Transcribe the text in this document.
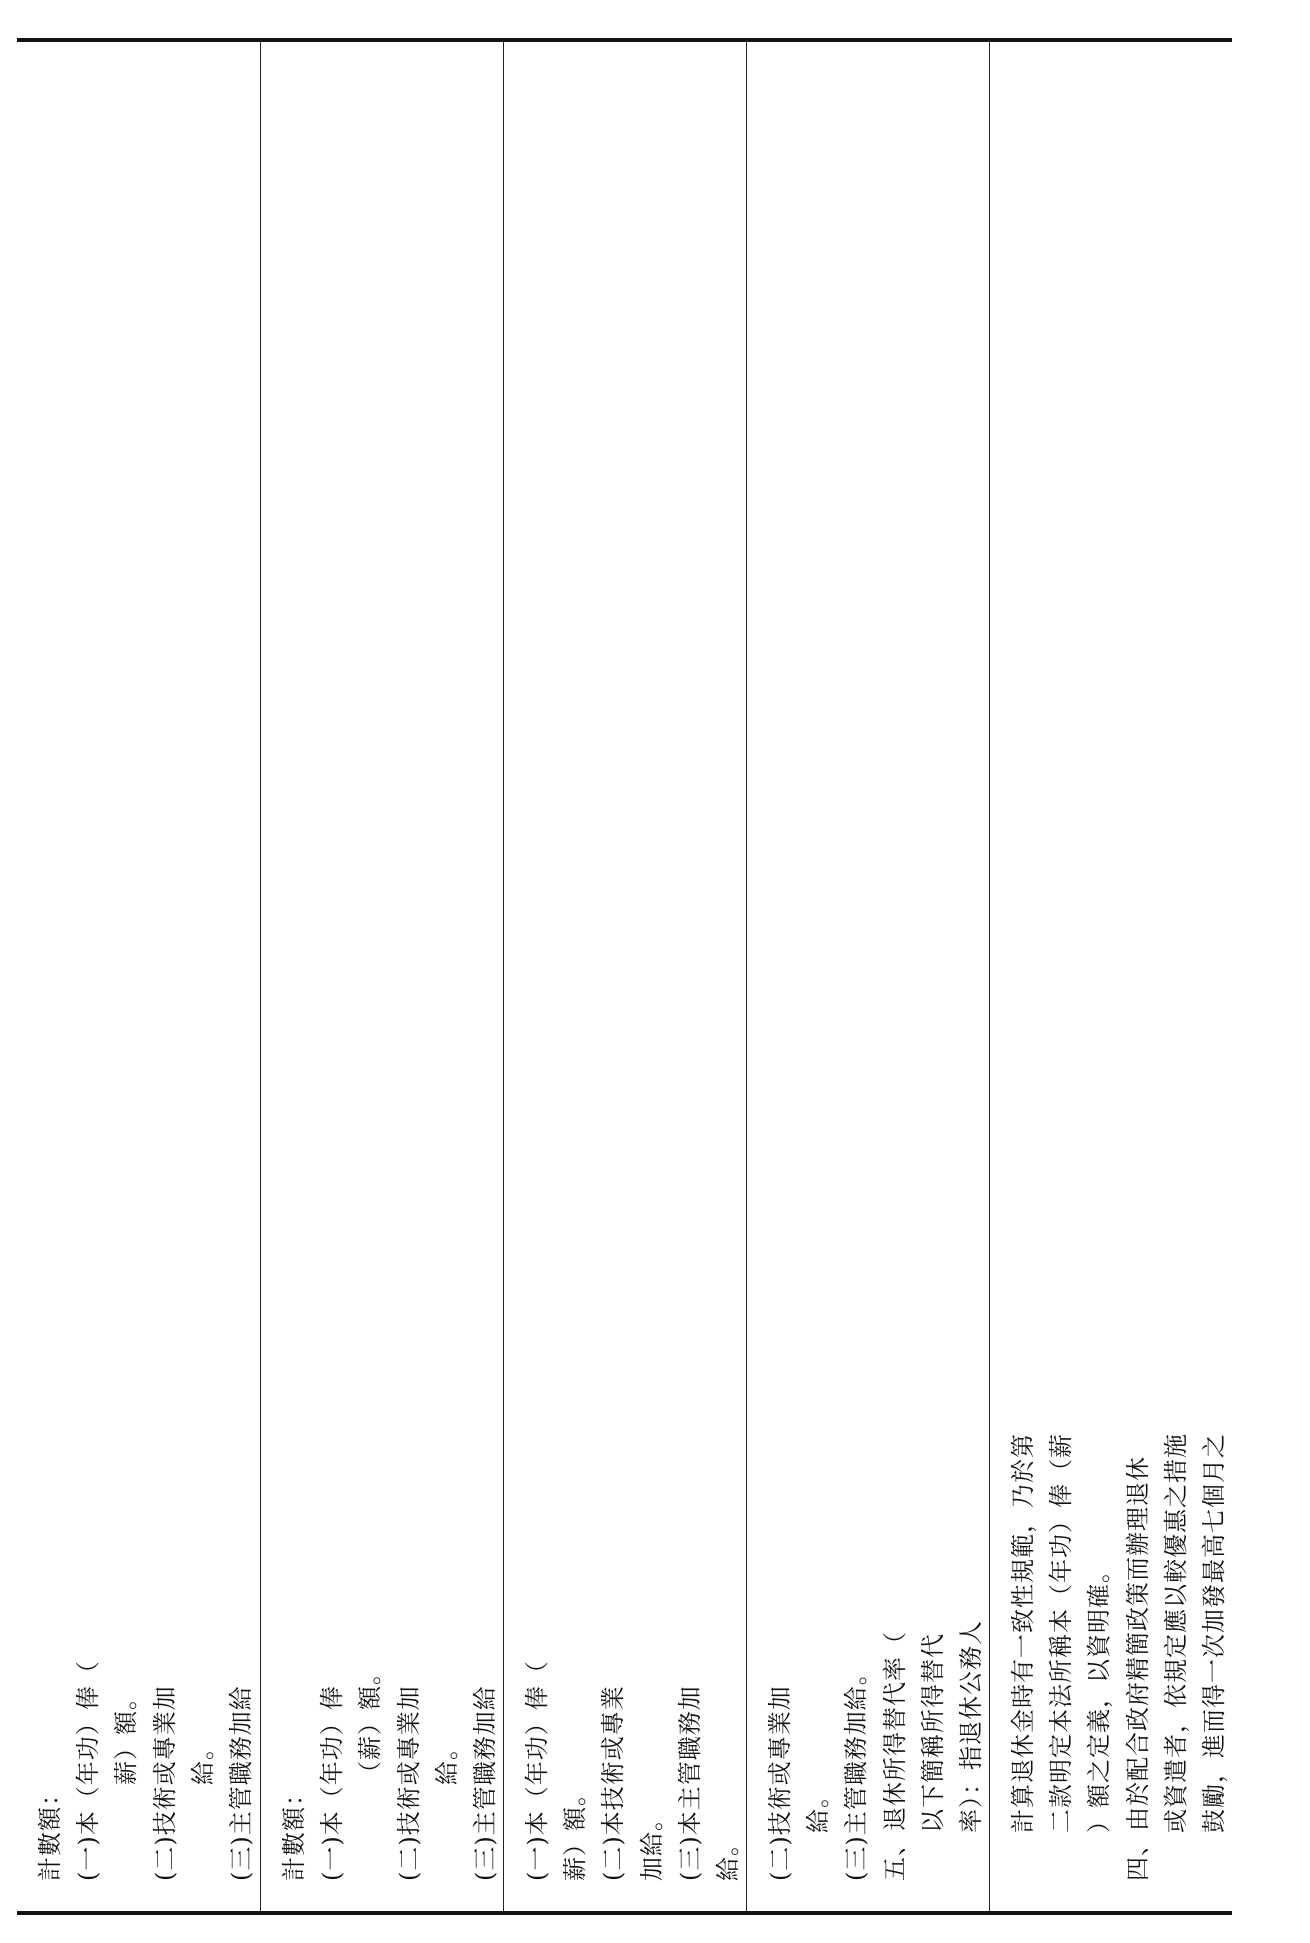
計數額： (一)本（年功）俸（ 薪）額。 (二)技術或專業加 給。 (三)主管職務加給 計數額： (一)本（年功）俸 （薪）額。 (二)技術或專業加 給。 (三)主管職務加給 (一)本（年功）俸（ 薪）額。 (二)本技術或專業 加給。 (三)本主管職務加 給。 (二)技術或專業加 給。 (三)主管職務加給。 五、退休所得替代率（ 以下簡稱所得替代 率）：指退休公務人 計算退休金時有一致性規範，乃於第 二款明定本法所稱本（年功）俸（薪 ）額之定義，以資明確。 四、由於配合政府精簡政策而辦理退休 或資遣者，依規定應以較優惠之措施 鼓勵，進而得一次加發最高七個月之
